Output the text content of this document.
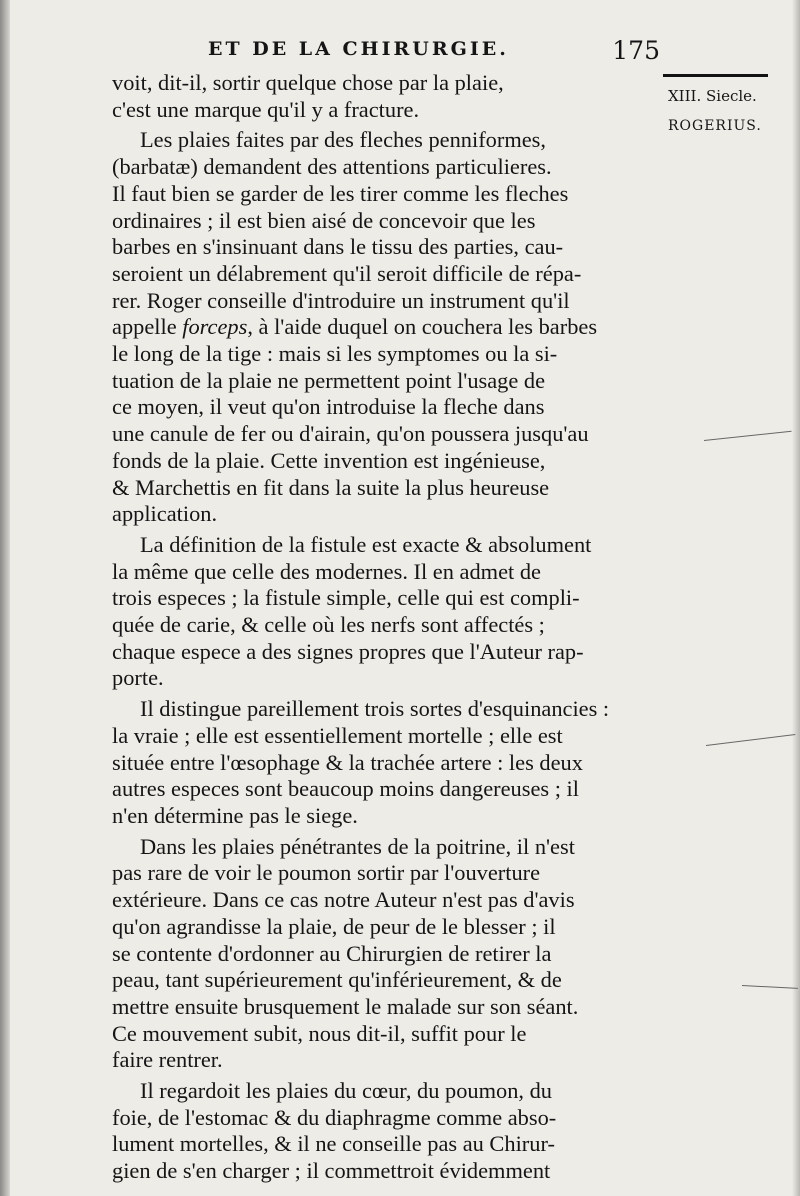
ET DE LA CHIRURGIE.	175
XIII. Siecle.
ROGERIUS.

voit, dit-il, sortir quelque chose par la plaie,
c'est une marque qu'il y a fracture.

Les plaies faites par des fleches penniformes,
(barbatæ) demandent des attentions particulieres.
Il faut bien se garder de les tirer comme les fleches
ordinaires ; il est bien aisé de concevoir que les
barbes en s'insinuant dans le tissu des parties, cau-
seroient un délabrement qu'il seroit difficile de répa-
rer. Roger conseille d'introduire un instrument qu'il
appelle forceps, à l'aide duquel on couchera les barbes
le long de la tige : mais si les symptomes ou la si-
tuation de la plaie ne permettent point l'usage de
ce moyen, il veut qu'on introduise la fleche dans
une canule de fer ou d'airain, qu'on poussera jusqu'au
fonds de la plaie. Cette invention est ingénieuse,
& Marchettis en fit dans la suite la plus heureuse
application.

La définition de la fistule est exacte & absolument
la même que celle des modernes. Il en admet de
trois especes ; la fistule simple, celle qui est compli-
quée de carie, & celle où les nerfs sont affectés ;
chaque espece a des signes propres que l'Auteur rap-
porte.

Il distingue pareillement trois sortes d'esquinancies :
la vraie ; elle est essentiellement mortelle ; elle est
située entre l'œsophage & la trachée artere : les deux
autres especes sont beaucoup moins dangereuses ; il
n'en détermine pas le siege.

Dans les plaies pénétrantes de la poitrine, il n'est
pas rare de voir le poumon sortir par l'ouverture
extérieure. Dans ce cas notre Auteur n'est pas d'avis
qu'on agrandisse la plaie, de peur de le blesser ; il
se contente d'ordonner au Chirurgien de retirer la
peau, tant supérieurement qu'inférieurement, & de
mettre ensuite brusquement le malade sur son séant.
Ce mouvement subit, nous dit-il, suffit pour le
faire rentrer.

Il regardoit les plaies du cœur, du poumon, du
foie, de l'estomac & du diaphragme comme abso-
lument mortelles, & il ne conseille pas au Chirur-
gien de s'en charger ; il commettroit évidemment
